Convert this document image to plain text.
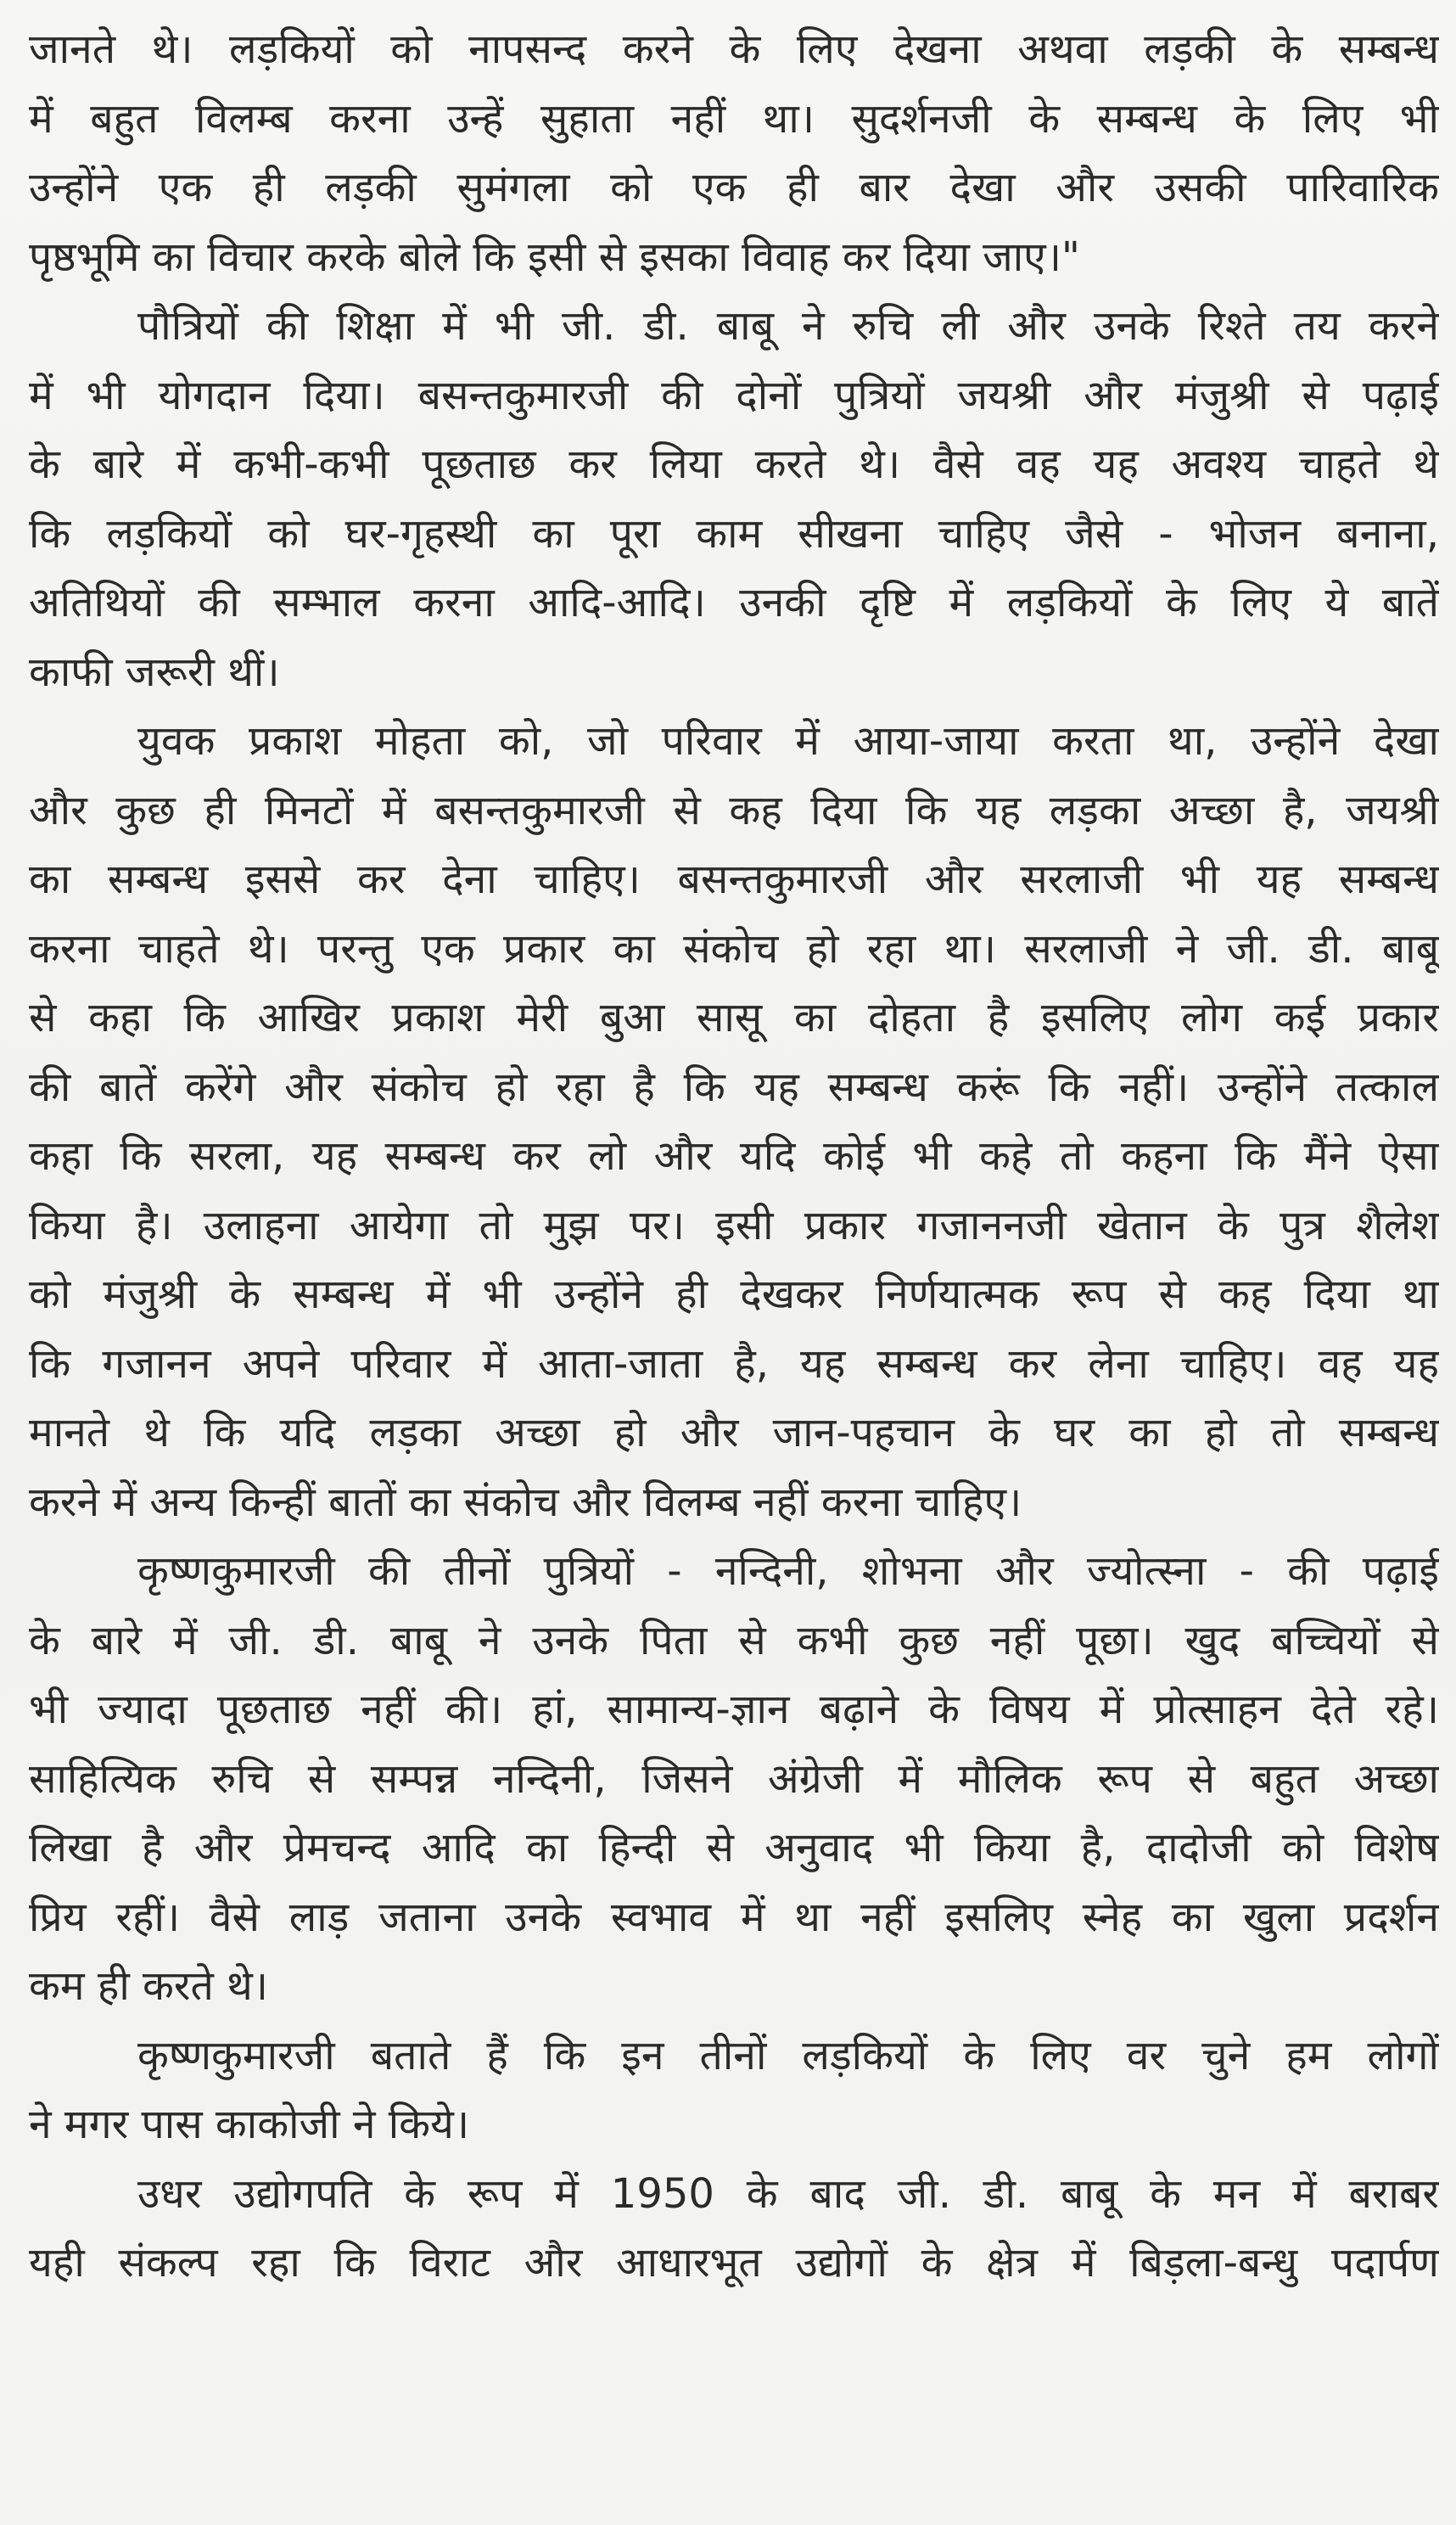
जानते थे। लड़कियों को नापसन्द करने के लिए देखना अथवा लड़की के सम्बन्ध
में बहुत विलम्ब करना उन्हें सुहाता नहीं था। सुदर्शनजी के सम्बन्ध के लिए भी
उन्होंने एक ही लड़की सुमंगला को एक ही बार देखा और उसकी पारिवारिक
पृष्ठभूमि का विचार करके बोले कि इसी से इसका विवाह कर दिया जाए।"
पौत्रियों की शिक्षा में भी जी. डी. बाबू ने रुचि ली और उनके रिश्ते तय करने
में भी योगदान दिया। बसन्तकुमारजी की दोनों पुत्रियों जयश्री और मंजुश्री से पढ़ाई
के बारे में कभी-कभी पूछताछ कर लिया करते थे। वैसे वह यह अवश्य चाहते थे
कि लड़कियों को घर-गृहस्थी का पूरा काम सीखना चाहिए जैसे - भोजन बनाना,
अतिथियों की सम्भाल करना आदि-आदि। उनकी दृष्टि में लड़कियों के लिए ये बातें
काफी जरूरी थीं।
युवक प्रकाश मोहता को, जो परिवार में आया-जाया करता था, उन्होंने देखा
और कुछ ही मिनटों में बसन्तकुमारजी से कह दिया कि यह लड़का अच्छा है, जयश्री
का सम्बन्ध इससे कर देना चाहिए। बसन्तकुमारजी और सरलाजी भी यह सम्बन्ध
करना चाहते थे। परन्तु एक प्रकार का संकोच हो रहा था। सरलाजी ने जी. डी. बाबू
से कहा कि आखिर प्रकाश मेरी बुआ सासू का दोहता है इसलिए लोग कई प्रकार
की बातें करेंगे और संकोच हो रहा है कि यह सम्बन्ध करूं कि नहीं। उन्होंने तत्काल
कहा कि सरला, यह सम्बन्ध कर लो और यदि कोई भी कहे तो कहना कि मैंने ऐसा
किया है। उलाहना आयेगा तो मुझ पर। इसी प्रकार गजाननजी खेतान के पुत्र शैलेश
को मंजुश्री के सम्बन्ध में भी उन्होंने ही देखकर निर्णयात्मक रूप से कह दिया था
कि गजानन अपने परिवार में आता-जाता है, यह सम्बन्ध कर लेना चाहिए। वह यह
मानते थे कि यदि लड़का अच्छा हो और जान-पहचान के घर का हो तो सम्बन्ध
करने में अन्य किन्हीं बातों का संकोच और विलम्ब नहीं करना चाहिए।
कृष्णकुमारजी की तीनों पुत्रियों - नन्दिनी, शोभना और ज्योत्स्ना - की पढ़ाई
के बारे में जी. डी. बाबू ने उनके पिता से कभी कुछ नहीं पूछा। खुद बच्चियों से
भी ज्यादा पूछताछ नहीं की। हां, सामान्य-ज्ञान बढ़ाने के विषय में प्रोत्साहन देते रहे।
साहित्यिक रुचि से सम्पन्न नन्दिनी, जिसने अंग्रेजी में मौलिक रूप से बहुत अच्छा
लिखा है और प्रेमचन्द आदि का हिन्दी से अनुवाद भी किया है, दादोजी को विशेष
प्रिय रहीं। वैसे लाड़ जताना उनके स्वभाव में था नहीं इसलिए स्नेह का खुला प्रदर्शन
कम ही करते थे।
कृष्णकुमारजी बताते हैं कि इन तीनों लड़कियों के लिए वर चुने हम लोगों
ने मगर पास काकोजी ने किये।
उधर उद्योगपति के रूप में 1950 के बाद जी. डी. बाबू के मन में बराबर
यही संकल्प रहा कि विराट और आधारभूत उद्योगों के क्षेत्र में बिड़ला-बन्धु पदार्पण
